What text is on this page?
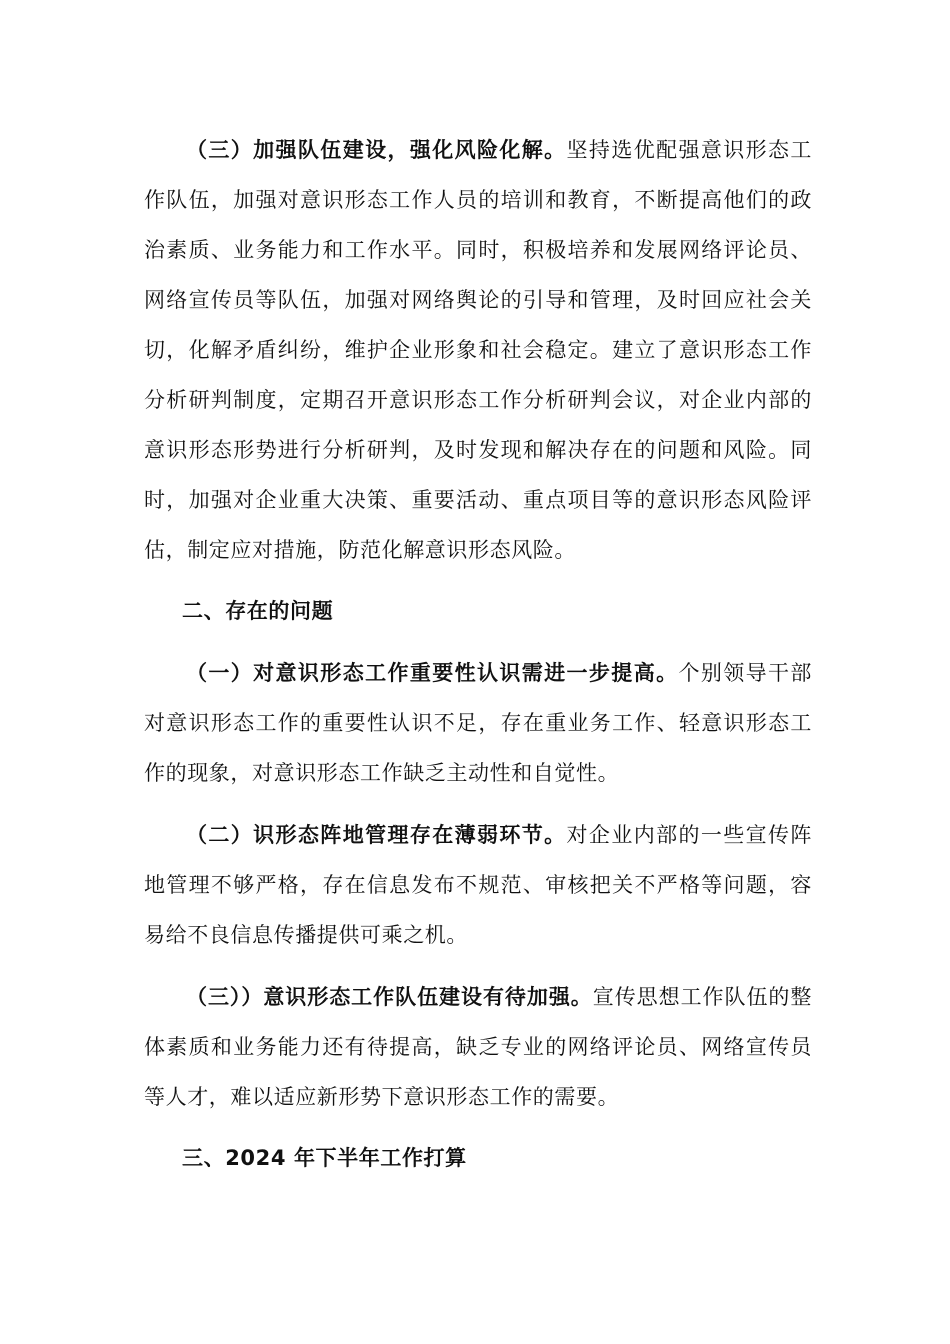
（三）加强队伍建设，强化风险化解。坚持选优配强意识形态工作队伍，加强对意识形态工作人员的培训和教育，不断提高他们的政治素质、业务能力和工作水平。同时，积极培养和发展网络评论员、网络宣传员等队伍，加强对网络舆论的引导和管理，及时回应社会关切，化解矛盾纠纷，维护企业形象和社会稳定。建立了意识形态工作分析研判制度，定期召开意识形态工作分析研判会议，对企业内部的意识形态形势进行分析研判，及时发现和解决存在的问题和风险。同时，加强对企业重大决策、重要活动、重点项目等的意识形态风险评估，制定应对措施，防范化解意识形态风险。

二、存在的问题

（一）对意识形态工作重要性认识需进一步提高。个别领导干部对意识形态工作的重要性认识不足，存在重业务工作、轻意识形态工作的现象，对意识形态工作缺乏主动性和自觉性。

（二）识形态阵地管理存在薄弱环节。对企业内部的一些宣传阵地管理不够严格，存在信息发布不规范、审核把关不严格等问题，容易给不良信息传播提供可乘之机。

（三））意识形态工作队伍建设有待加强。宣传思想工作队伍的整体素质和业务能力还有待提高，缺乏专业的网络评论员、网络宣传员等人才，难以适应新形势下意识形态工作的需要。

三、2024 年下半年工作打算
